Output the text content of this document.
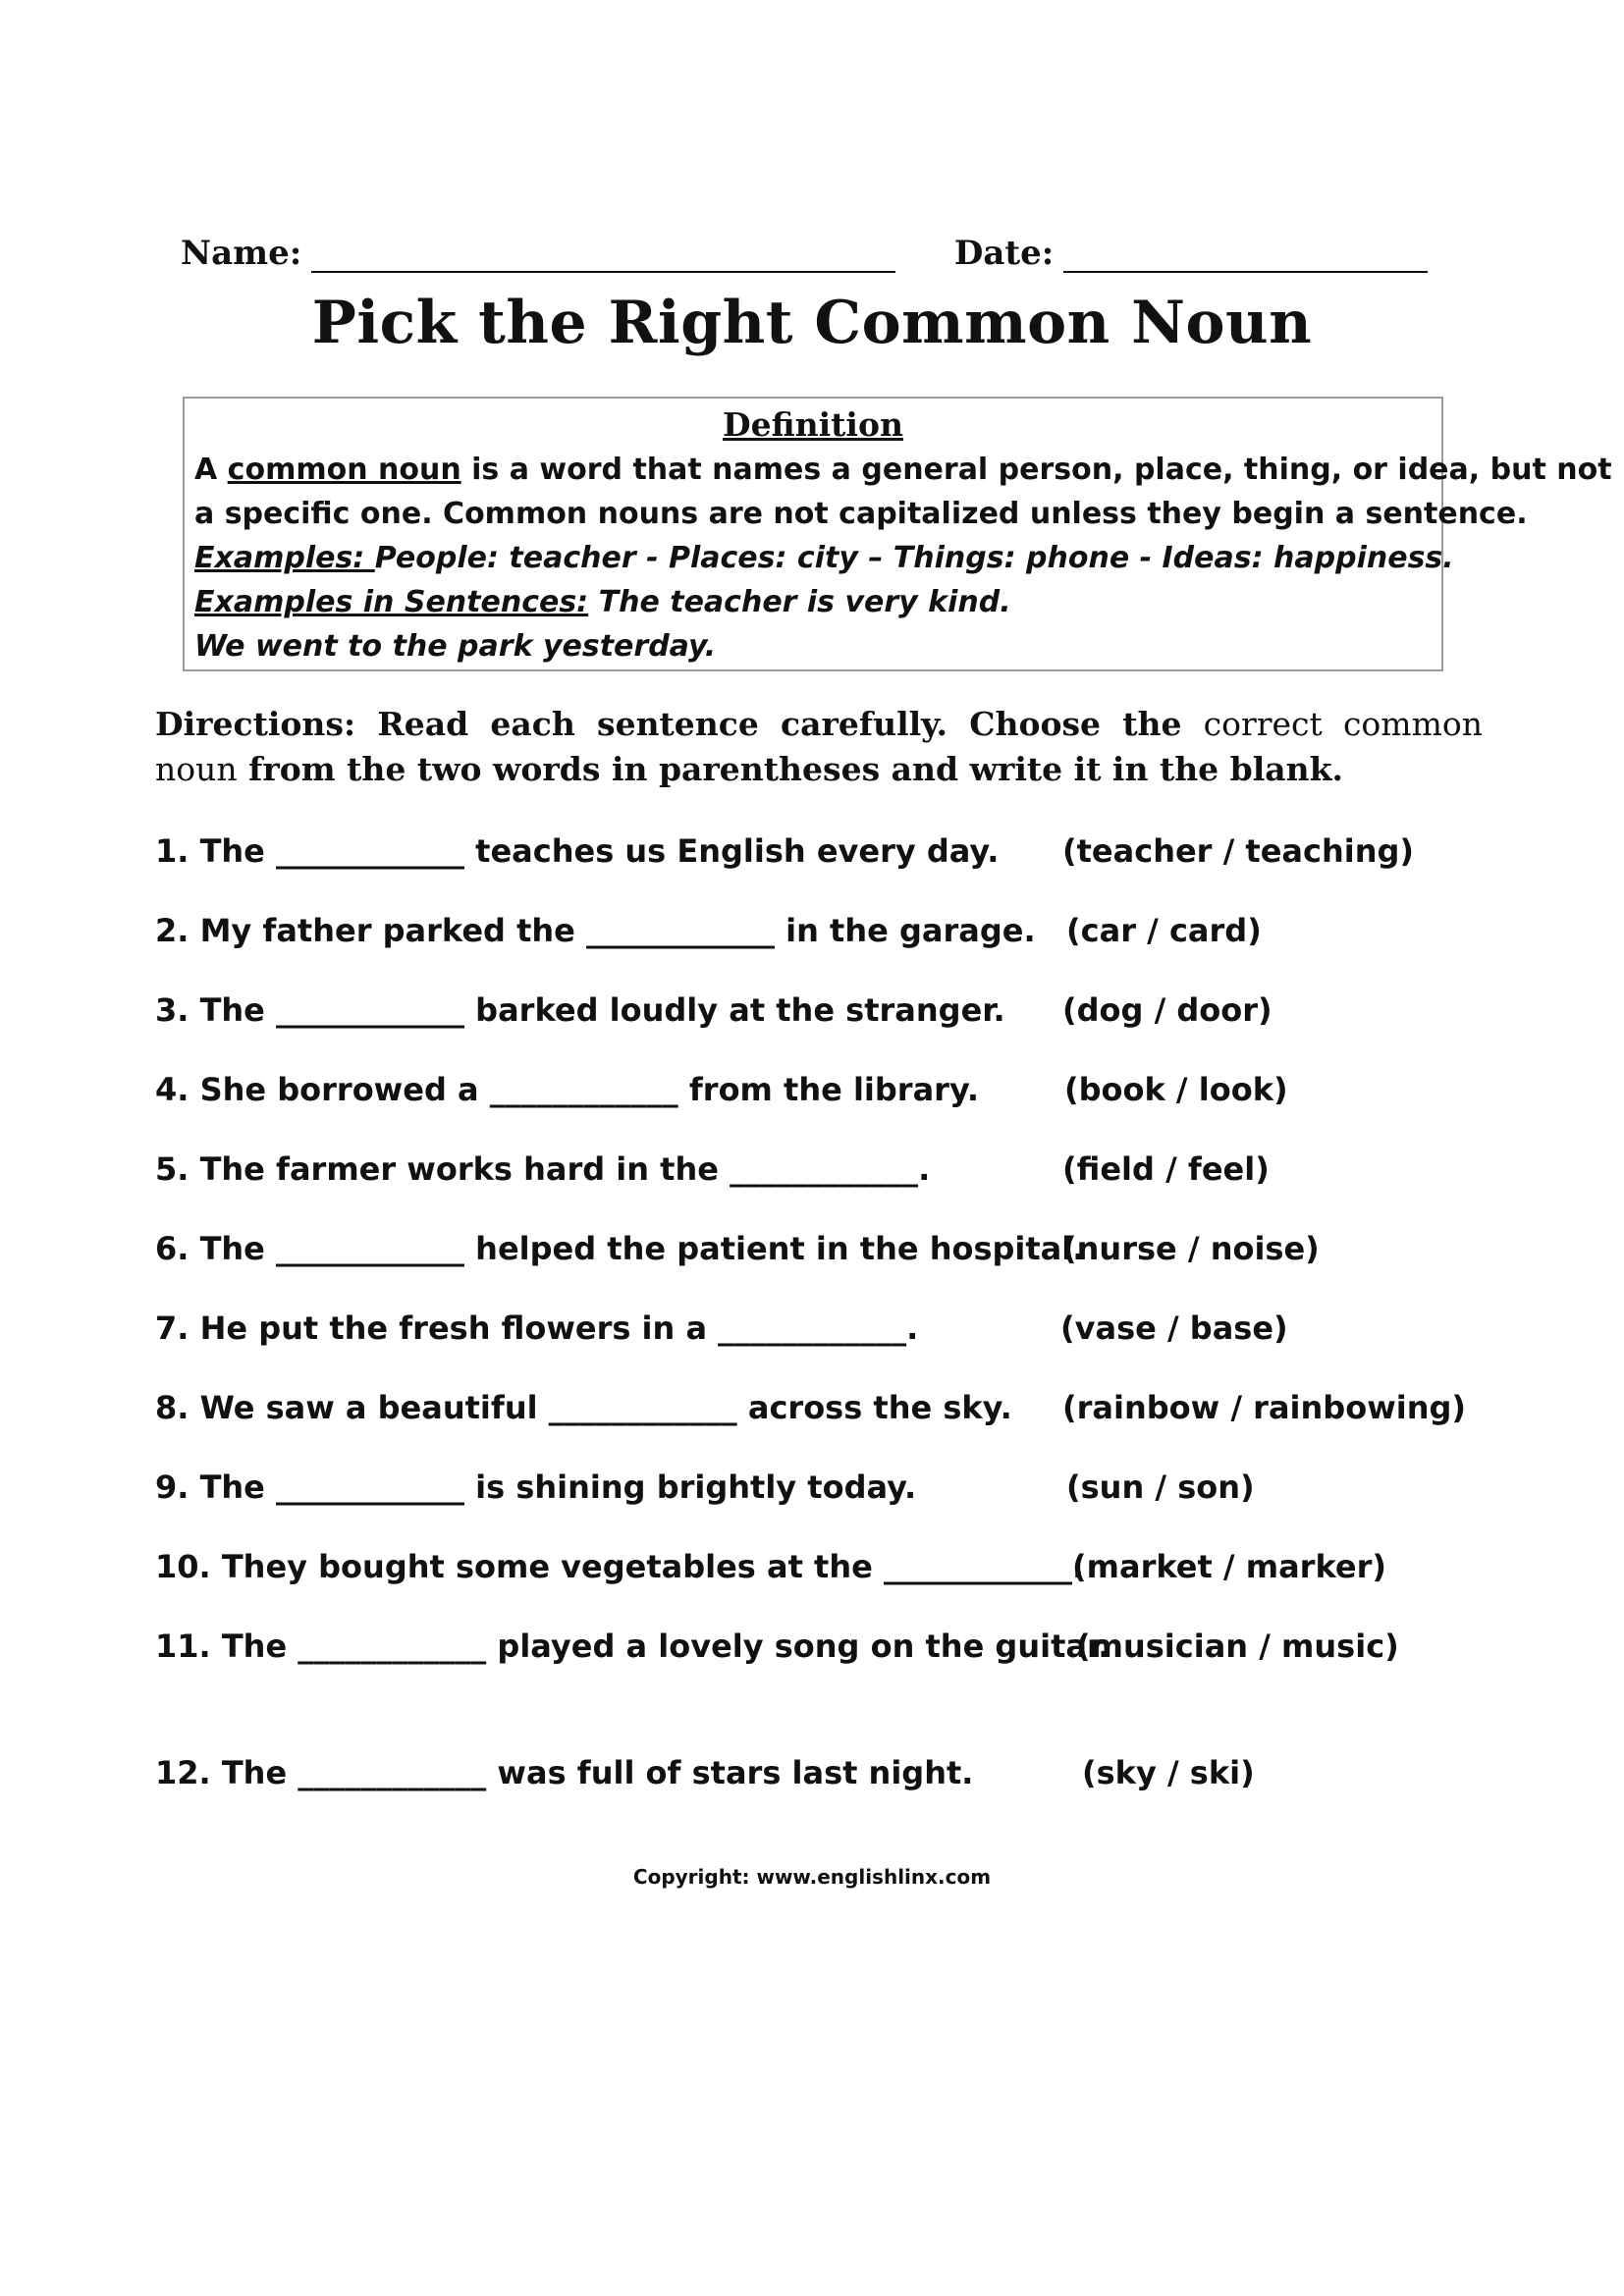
Name:	Date:
Pick the Right Common Noun
Definition
A common noun is a word that names a general person, place, thing, or idea, but not
a specific one. Common nouns are not capitalized unless they begin a sentence.
Examples: People: teacher - Places: city – Things: phone - Ideas: happiness.
Examples in Sentences: The teacher is very kind.
We went to the park yesterday.
Directions: Read each sentence carefully. Choose the correct common noun from the two words in parentheses and write it in the blank.
1. The ____________ teaches us English every day. (teacher / teaching)
2. My father parked the ____________ in the garage. (car / card)
3. The ____________ barked loudly at the stranger. (dog / door)
4. She borrowed a ____________ from the library.	(book / look)
5. The farmer works hard in the ____________.	(field / feel)
6. The ____________ helped the patient in the hospital.
(nurse / noise)
7. He put the fresh flowers in a ____________.	(vase / base)
8. We saw a beautiful ____________ across the sky. (rainbow / rainbowing)
9. The ____________ is shining brightly today.	(sun / son)
10. They bought some vegetables at the ____________.
(market / marker)
11. The ____________ played a lovely song on the guitar.
(musician / music)
12. The ____________ was full of stars last night.	(sky / ski)
Copyright: www.englishlinx.com
